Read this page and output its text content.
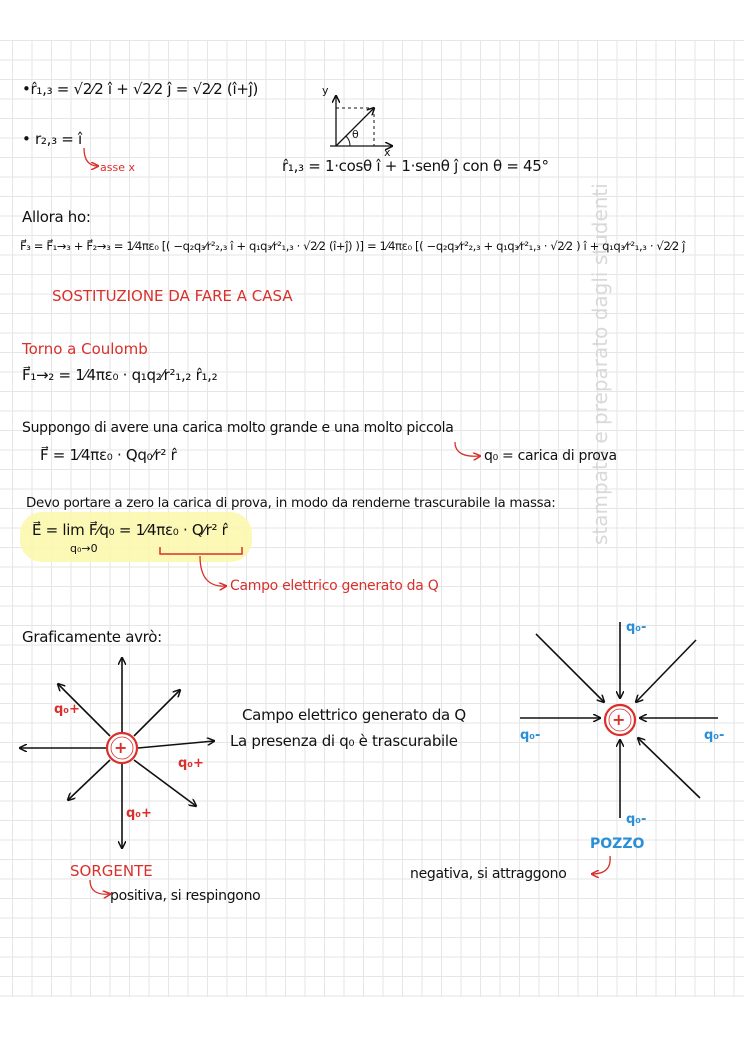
stampato e preparato dagli studenti
•r̂₁,₃ = √2⁄2 î + √2⁄2 ĵ = √2⁄2 (î+ĵ)
• r₂,₃ = î
asse x
y
x
θ
r̂₁,₃ = 1·cosθ î + 1·senθ ĵ con θ = 45°
Allora ho:
F⃗₃ = F⃗₁→₃ + F⃗₂→₃ = 1⁄4πε₀ [( −q₂q₃⁄r²₂,₃ î + q₁q₃⁄r²₁,₃ · √2⁄2 (î+ĵ) )] = 1⁄4πε₀ [( −q₂q₃⁄r²₂,₃ + q₁q₃⁄r²₁,₃ · √2⁄2 ) î + q₁q₃⁄r²₁,₃ · √2⁄2 ĵ
SOSTITUZIONE DA FARE A CASA
Torno a Coulomb
F⃗₁→₂ = 1⁄4πε₀ · q₁q₂⁄r²₁,₂ r̂₁,₂
Suppongo di avere una carica molto grande e una molto piccola
F⃗ = 1⁄4πε₀ · Qq₀⁄r² r̂	q₀ = carica di prova
Devo portare a zero la carica di prova, in modo da renderne trascurabile la massa:
E⃗ = lim F⃗⁄q₀ = 1⁄4πε₀ · Q⁄r² r̂
q₀→0
Campo elettrico generato da Q
Graficamente avrò:
+
q₀+
q₀+
q₀+
Campo elettrico generato da Q
La presenza di q₀ è trascurabile
+
q₀-
q₀-	q₀-
q₀-
SORGENTE
positiva, si respingono
POZZO
negativa, si attraggono
